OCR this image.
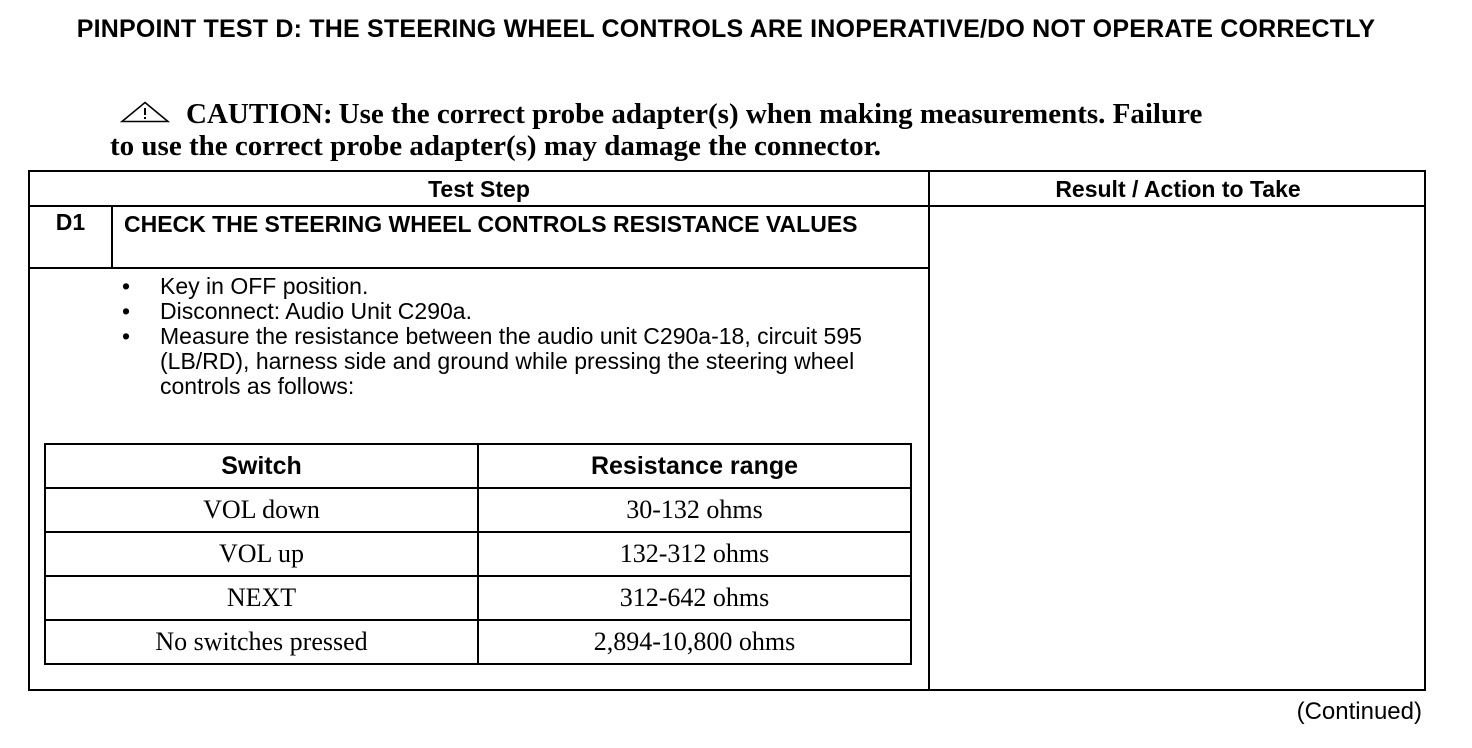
PINPOINT TEST D: THE STEERING WHEEL CONTROLS ARE INOPERATIVE/DO NOT OPERATE CORRECTLY
CAUTION: Use the correct probe adapter(s) when making measurements. Failure
to use the correct probe adapter(s) may damage the connector.
Test Step	Result / Action to Take
D1	CHECK THE STEERING WHEEL CONTROLS RESISTANCE VALUES
• Key in OFF position.
• Disconnect: Audio Unit C290a.
• Measure the resistance between the audio unit C290a-18, circuit 595 (LB/RD), harness side and ground while pressing the steering wheel controls as follows:
Switch	Resistance range
VOL down	30-132 ohms
VOL up	132-312 ohms
NEXT	312-642 ohms
No switches pressed	2,894-10,800 ohms
(Continued)
